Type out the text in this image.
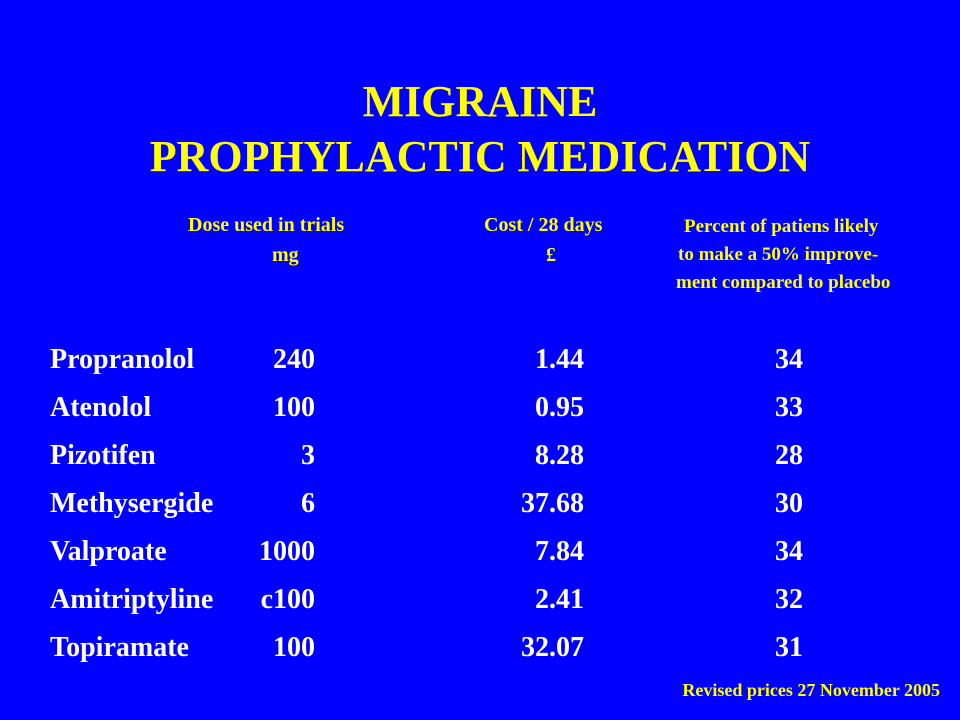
MIGRAINE
PROPHYLACTIC MEDICATION
Dose used in trials
mg
Cost / 28 days
£
Percent of patiens likely
to make a 50% improve-
ment compared to placebo
Propranolol	240	1.44	34
Atenolol	100	0.95	33
Pizotifen	3	8.28	28
Methysergide	6	37.68	30
Valproate	1000	7.84	34
Amitriptyline c100	2.41	32
Topiramate	100	32.07	31
Revised prices 27 November 2005
